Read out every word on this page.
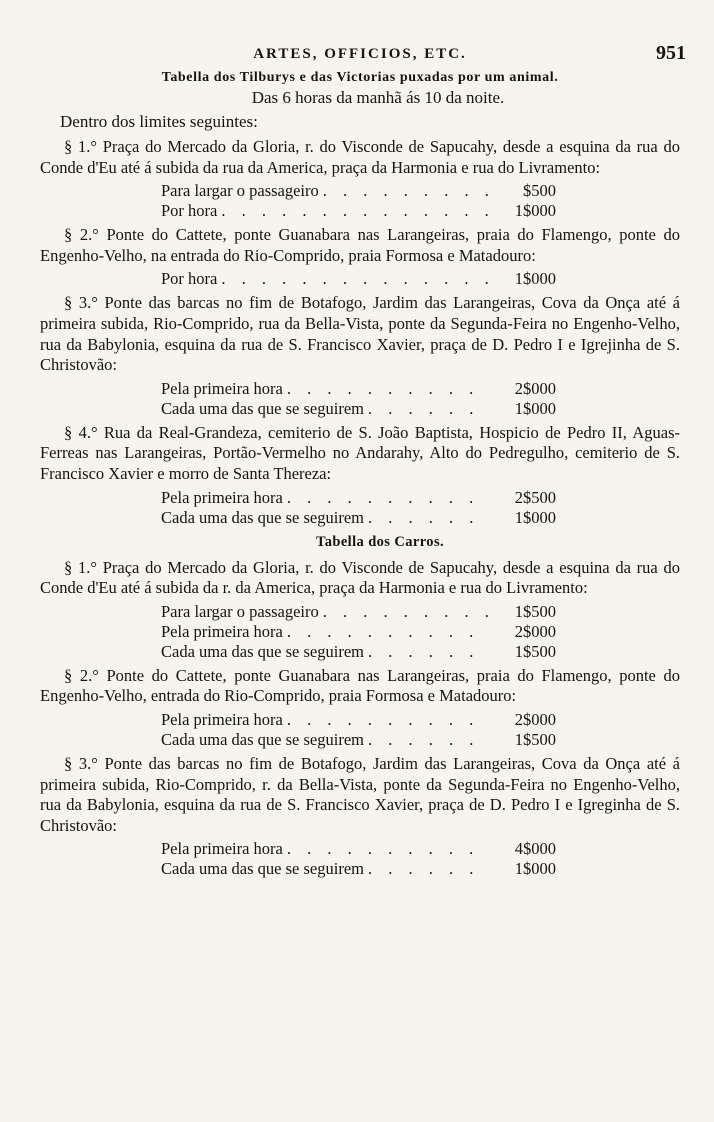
ARTES, OFFICIOS, ETC.	951
Tabella dos Tilburys e das Victorias puxadas por um animal.
Das 6 horas da manhã ás 10 da noite.
Dentro dos limites seguintes:
§ 1.° Praça do Mercado da Gloria, r. do Visconde de Sapucahy, desde a esquina da rua do Conde d'Eu até á subida da rua da America, praça da Harmonia e rua do Livramento:
Para largar o passageiro . . .	$500
Por hora . . .	1$000
§ 2.° Ponte do Cattete, ponte Guanabara nas Larangeiras, praia do Flamengo, ponte do Engenho-Velho, na entrada do Rio-Comprido, praia Formosa e Matadouro:
Por hora . . .	1$000
§ 3.° Ponte das barcas no fim de Botafogo, Jardim das Larangeiras, Cova da Onça até á primeira subida, Rio-Comprido, rua da Bella-Vista, ponte da Segunda-Feira no Engenho-Velho, rua da Babylonia, esquina da rua de S. Francisco Xavier, praça de D. Pedro I e Igrejinha de S. Christovão:
Pela primeira hora . . .	2$000
Cada uma das que se seguirem . . .	1$000
§ 4.° Rua da Real-Grandeza, cemiterio de S. João Baptista, Hospicio de Pedro II, Aguas-Ferreas nas Larangeiras, Portão-Vermelho no Andarahy, Alto do Pedregulho, cemiterio de S. Francisco Xavier e morro de Santa Thereza:
Pela primeira hora . . .	2$500
Cada uma das que se seguirem . . .	1$000
Tabella dos Carros.
§ 1.° Praça do Mercado da Gloria, r. do Visconde de Sapucahy, desde a esquina da rua do Conde d'Eu até á subida da r. da America, praça da Harmonia e rua do Livramento:
Para largar o passageiro . . .	1$500
Pela primeira hora . . .	2$000
Cada uma das que se seguirem . . .	1$500
§ 2.° Ponte do Cattete, ponte Guanabara nas Larangeiras, praia do Flamengo, ponte do Engenho-Velho, entrada do Rio-Comprido, praia Formosa e Matadouro:
Pela primeira hora . . .	2$000
Cada uma das que se seguirem . . .	1$500
§ 3.° Ponte das barcas no fim de Botafogo, Jardim das Larangeiras, Cova da Onça até á primeira subida, Rio-Comprido, r. da Bella-Vista, ponte da Segunda-Feira no Engenho-Velho, rua da Babylonia, esquina da rua de S. Francisco Xavier, praça de D. Pedro I e Igreginha de S. Christovão:
Pela primeira hora . . .	4$000
Cada uma das que se seguirem . . .	1$000
